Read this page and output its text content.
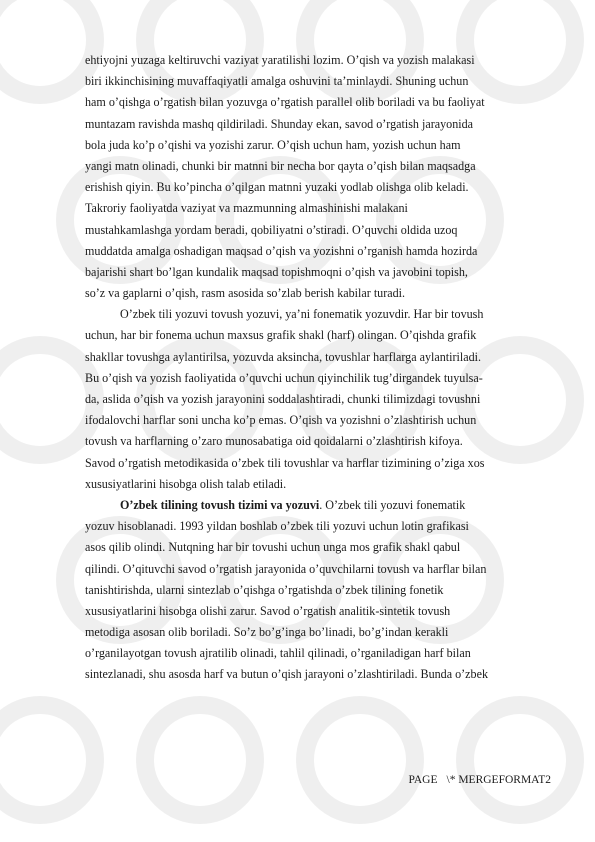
ehtiyojni yuzaga keltiruvchi vaziyat yaratilishi lozim. O’qish va yozish malakasi
biri ikkinchisining muvaffaqiyatli amalga oshuvini ta’minlaydi. Shuning uchun
ham o’qishga o’rgatish bilan yozuvga o’rgatish parallel olib boriladi va bu faoliyat
muntazam ravishda mashq qildiriladi. Shunday ekan, savod o’rgatish jarayonida
bola juda ko’p o’qishi va yozishi zarur. O’qish uchun ham, yozish uchun ham
yangi matn olinadi, chunki bir matnni bir necha bor qayta o’qish bilan maqsadga
erishish qiyin. Bu ko’pincha o’qilgan matnni yuzaki yodlab olishga olib keladi.
Takroriy faoliyatda vaziyat va mazmunning almashinishi malakani
mustahkamlashga yordam beradi, qobiliyatni o’stiradi. O’quvchi oldida uzoq
muddatda amalga oshadigan maqsad o’qish va yozishni o’rganish hamda hozirda
bajarishi shart bo’lgan kundalik maqsad topishmoqni o’qish va javobini topish,
so’z va gaplarni o’qish, rasm asosida so’zlab berish kabilar turadi.
O’zbek tili yozuvi tovush yozuvi, ya’ni fonematik yozuvdir. Har bir tovush
uchun, har bir fonema uchun maxsus grafik shakl (harf) olingan. O’qishda grafik
shakllar tovushga aylantirilsa, yozuvda aksincha, tovushlar harflarga aylantiriladi.
Bu o’qish va yozish faoliyatida o’quvchi uchun qiyinchilik tug’dirgandek tuyulsa-
da, aslida o’qish va yozish jarayonini soddalashtiradi, chunki tilimizdagi tovushni
ifodalovchi harflar soni uncha ko’p emas. O’qish va yozishni o’zlashtirish uchun
tovush va harflarning o’zaro munosabatiga oid qoidalarni o’zlashtirish kifoya.
Savod o’rgatish metodikasida o’zbek tili tovushlar va harflar tizimining o’ziga xos
xususiyatlarini hisobga olish talab etiladi.
O’zbek tilining tovush tizimi va yozuvi. O’zbek tili yozuvi fonematik
yozuv hisoblanadi. 1993 yildan boshlab o’zbek tili yozuvi uchun lotin grafikasi
asos qilib olindi. Nutqning har bir tovushi uchun unga mos grafik shakl qabul
qilindi. O’qituvchi savod o’rgatish jarayonida o’quvchilarni tovush va harflar bilan
tanishtirishda, ularni sintezlab o’qishga o’rgatishda o’zbek tilining fonetik
xususiyatlarini hisobga olishi zarur. Savod o’rgatish analitik-sintetik tovush
metodiga asosan olib boriladi. So’z bo’g’inga bo’linadi, bo’g’indan kerakli
o’rganilayotgan tovush ajratilib olinadi, tahlil qilinadi, o’rganiladigan harf bilan
sintezlanadi, shu asosda harf va butun o’qish jarayoni o’zlashtiriladi. Bunda o’zbek
PAGE \* MERGEFORMAT2
